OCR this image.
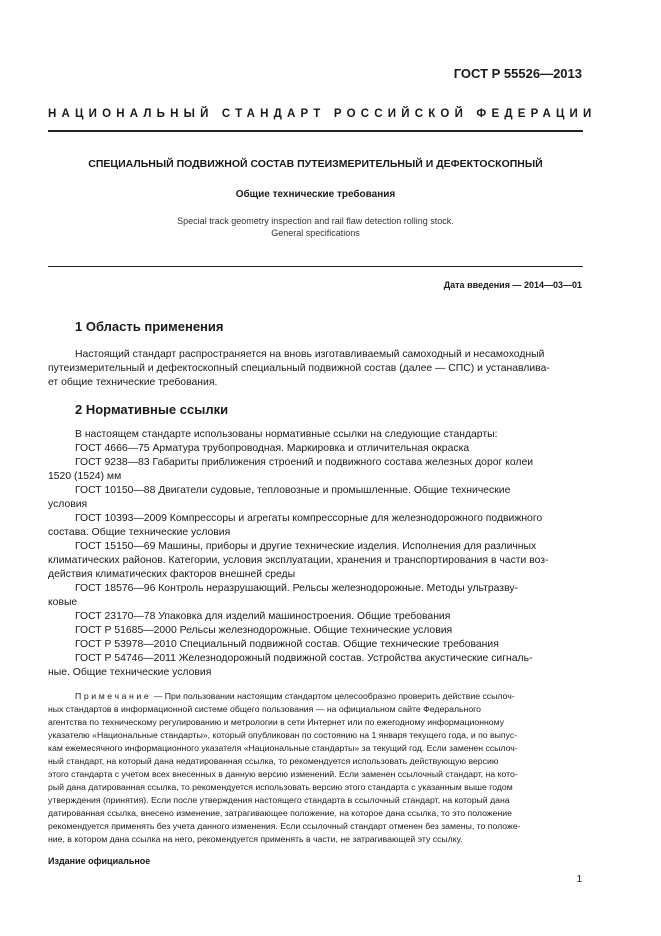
ГОСТ Р 55526—2013
НАЦИОНАЛЬНЫЙ СТАНДАРТ РОССИЙСКОЙ ФЕДЕРАЦИИ
СПЕЦИАЛЬНЫЙ ПОДВИЖНОЙ СОСТАВ ПУТЕИЗМЕРИТЕЛЬНЫЙ И ДЕФЕКТОСКОПНЫЙ
Общие технические требования
Special track geometry inspection and rail flaw detection rolling stock.
General specifications
Дата введения — 2014—03—01
1 Область применения
Настоящий стандарт распространяется на вновь изготавливаемый самоходный и несамоходный
путеизмерительный и дефектоскопный специальный подвижной состав (далее — СПС) и устанавлива-
ет общие технические требования.
2 Нормативные ссылки
В настоящем стандарте использованы нормативные ссылки на следующие стандарты:
ГОСТ 4666—75 Арматура трубопроводная. Маркировка и отличительная окраска
ГОСТ 9238—83 Габариты приближения строений и подвижного состава железных дорог колеи
1520 (1524) мм
ГОСТ 10150—88 Двигатели судовые, тепловозные и промышленные. Общие технические
условия
ГОСТ 10393—2009 Компрессоры и агрегаты компрессорные для железнодорожного подвижного
состава. Общие технические условия
ГОСТ 15150—69 Машины, приборы и другие технические изделия. Исполнения для различных
климатических районов. Категории, условия эксплуатации, хранения и транспортирования в части воз-
действия климатических факторов внешней среды
ГОСТ 18576—96 Контроль неразрушающий. Рельсы железнодорожные. Методы ультразву-
ковые
ГОСТ 23170—78 Упаковка для изделий машиностроения. Общие требования
ГОСТ Р 51685—2000 Рельсы железнодорожные. Общие технические условия
ГОСТ Р 53978—2010 Специальный подвижной состав. Общие технические требования
ГОСТ Р 54746—2011 Железнодорожный подвижной состав. Устройства акустические сигналь-
ные. Общие технические условия
Примечание — При пользовании настоящим стандартом целесообразно проверить действие ссылоч-
ных стандартов в информационной системе общего пользования — на официальном сайте Федерального
агентства по техническому регулированию и метрологии в сети Интернет или по ежегодному информационному
указателю «Национальные стандарты», который опубликован по состоянию на 1 января текущего года, и по выпус-
кам ежемесячного информационного указателя «Национальные стандарты» за текущий год. Если заменен ссылоч-
ный стандарт, на который дана недатированная ссылка, то рекомендуется использовать действующую версию
этого стандарта с учетом всех внесенных в данную версию изменений. Если заменен ссылочный стандарт, на кото-
рый дана датированная ссылка, то рекомендуется использовать версию этого стандарта с указанным выше годом
утверждения (принятия). Если после утверждения настоящего стандарта в ссылочный стандарт, на который дана
датированная ссылка, внесено изменение, затрагивающее положение, на которое дана ссылка, то это положение
рекомендуется применять без учета данного изменения. Если ссылочный стандарт отменен без замены, то положе-
ние, в котором дана ссылка на него, рекомендуется применять в части, не затрагивающей эту ссылку.
Издание официальное
1
